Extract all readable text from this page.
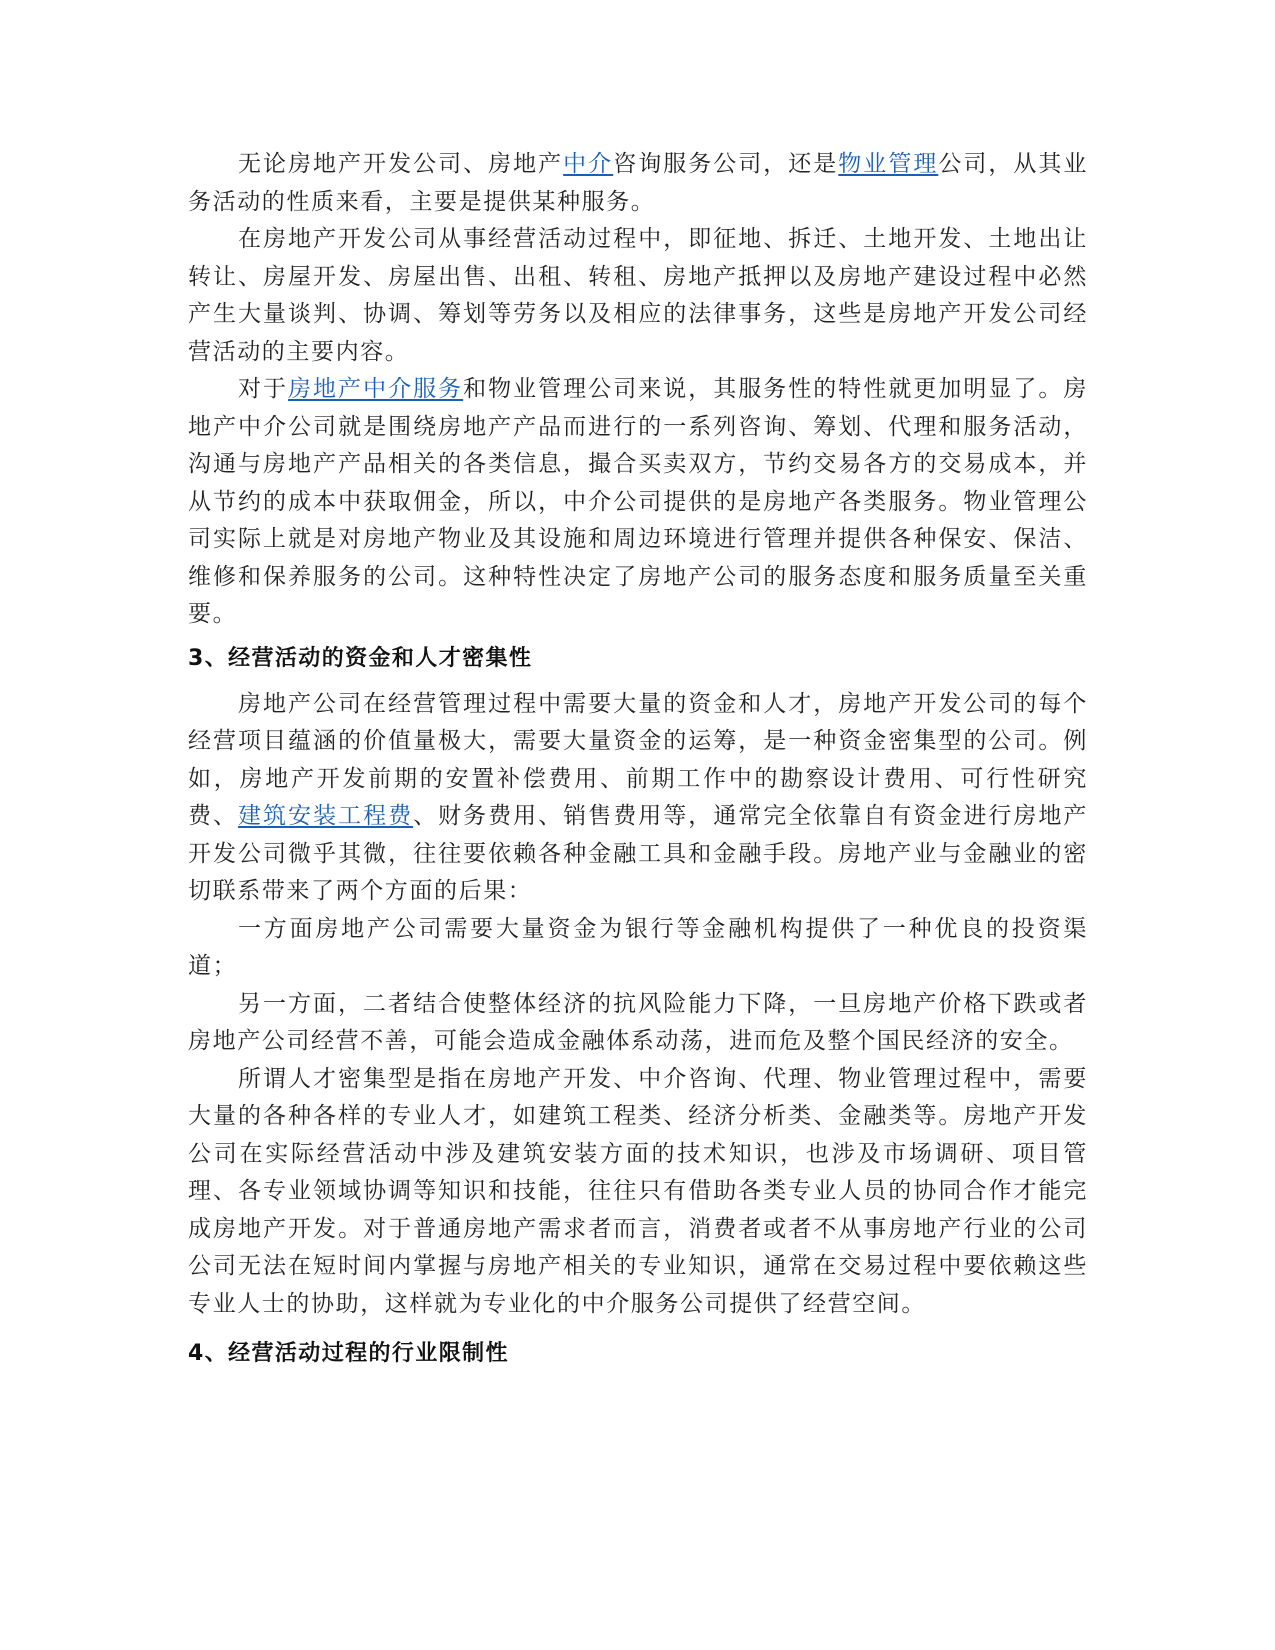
无论房地产开发公司、房地产中介咨询服务公司，还是物业管理公司，从其业务活动的性质来看，主要是提供某种服务。

在房地产开发公司从事经营活动过程中，即征地、拆迁、土地开发、土地出让转让、房屋开发、房屋出售、出租、转租、房地产抵押以及房地产建设过程中必然产生大量谈判、协调、筹划等劳务以及相应的法律事务，这些是房地产开发公司经营活动的主要内容。

对于房地产中介服务和物业管理公司来说，其服务性的特性就更加明显了。房地产中介公司就是围绕房地产产品而进行的一系列咨询、筹划、代理和服务活动，沟通与房地产产品相关的各类信息，撮合买卖双方，节约交易各方的交易成本，并从节约的成本中获取佣金，所以，中介公司提供的是房地产各类服务。物业管理公司实际上就是对房地产物业及其设施和周边环境进行管理并提供各种保安、保洁、维修和保养服务的公司。这种特性决定了房地产公司的服务态度和服务质量至关重要。

3、经营活动的资金和人才密集性

房地产公司在经营管理过程中需要大量的资金和人才，房地产开发公司的每个经营项目蕴涵的价值量极大，需要大量资金的运筹，是一种资金密集型的公司。例如，房地产开发前期的安置补偿费用、前期工作中的勘察设计费用、可行性研究费、建筑安装工程费、财务费用、销售费用等，通常完全依靠自有资金进行房地产开发公司微乎其微，往往要依赖各种金融工具和金融手段。房地产业与金融业的密切联系带来了两个方面的后果：

一方面房地产公司需要大量资金为银行等金融机构提供了一种优良的投资渠道；

另一方面，二者结合使整体经济的抗风险能力下降，一旦房地产价格下跌或者房地产公司经营不善，可能会造成金融体系动荡，进而危及整个国民经济的安全。

所谓人才密集型是指在房地产开发、中介咨询、代理、物业管理过程中，需要大量的各种各样的专业人才，如建筑工程类、经济分析类、金融类等。房地产开发公司在实际经营活动中涉及建筑安装方面的技术知识，也涉及市场调研、项目管理、各专业领域协调等知识和技能，往往只有借助各类专业人员的协同合作才能完成房地产开发。对于普通房地产需求者而言，消费者或者不从事房地产行业的公司公司无法在短时间内掌握与房地产相关的专业知识，通常在交易过程中要依赖这些专业人士的协助，这样就为专业化的中介服务公司提供了经营空间。

4、经营活动过程的行业限制性
